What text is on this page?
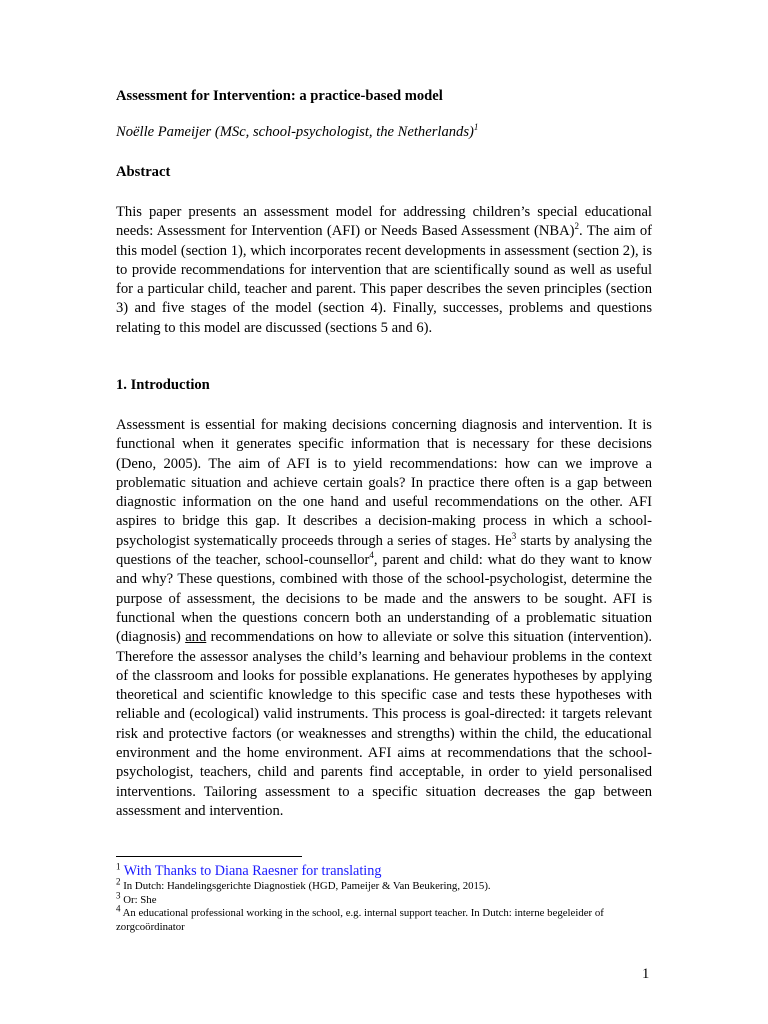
Assessment for Intervention: a practice-based model
Noëlle Pameijer (MSc, school-psychologist, the Netherlands)$^1$
Abstract
This paper presents an assessment model for addressing children’s special educational needs: Assessment for Intervention (AFI) or Needs Based Assessment (NBA)$^2$. The aim of this model (section 1), which incorporates recent developments in assessment (section 2), is to provide recommendations for intervention that are scientifically sound as well as useful for a particular child, teacher and parent. This paper describes the seven principles (section 3) and five stages of the model (section 4). Finally, successes, problems and questions relating to this model are discussed (sections 5 and 6).
1. Introduction
Assessment is essential for making decisions concerning diagnosis and intervention. It is functional when it generates specific information that is necessary for these decisions (Deno, 2005). The aim of AFI is to yield recommendations: how can we improve a problematic situation and achieve certain goals? In practice there often is a gap between diagnostic information on the one hand and useful recommendations on the other. AFI aspires to bridge this gap. It describes a decision-making process in which a school-psychologist systematically proceeds through a series of stages. He$^3$ starts by analysing the questions of the teacher, school-counsellor$^4$, parent and child: what do they want to know and why? These questions, combined with those of the school-psychologist, determine the purpose of assessment, the decisions to be made and the answers to be sought. AFI is functional when the questions concern both an understanding of a problematic situation (diagnosis) and recommendations on how to alleviate or solve this situation (intervention). Therefore the assessor analyses the child’s learning and behaviour problems in the context of the classroom and looks for possible explanations. He generates hypotheses by applying theoretical and scientific knowledge to this specific case and tests these hypotheses with reliable and (ecological) valid instruments. This process is goal-directed: it targets relevant risk and protective factors (or weaknesses and strengths) within the child, the educational environment and the home environment. AFI aims at recommendations that the school-psychologist, teachers, child and parents find acceptable, in order to yield personalised interventions. Tailoring assessment to a specific situation decreases the gap between assessment and intervention.
$^1$ With Thanks to Diana Raesner for translating
$^2$ In Dutch: Handelingsgerichte Diagnostiek (HGD, Pameijer & Van Beukering, 2015).
$^3$ Or: She
$^4$ An educational professional working in the school, e.g. internal support teacher. In Dutch: interne begeleider of zorgcoördinator
1
